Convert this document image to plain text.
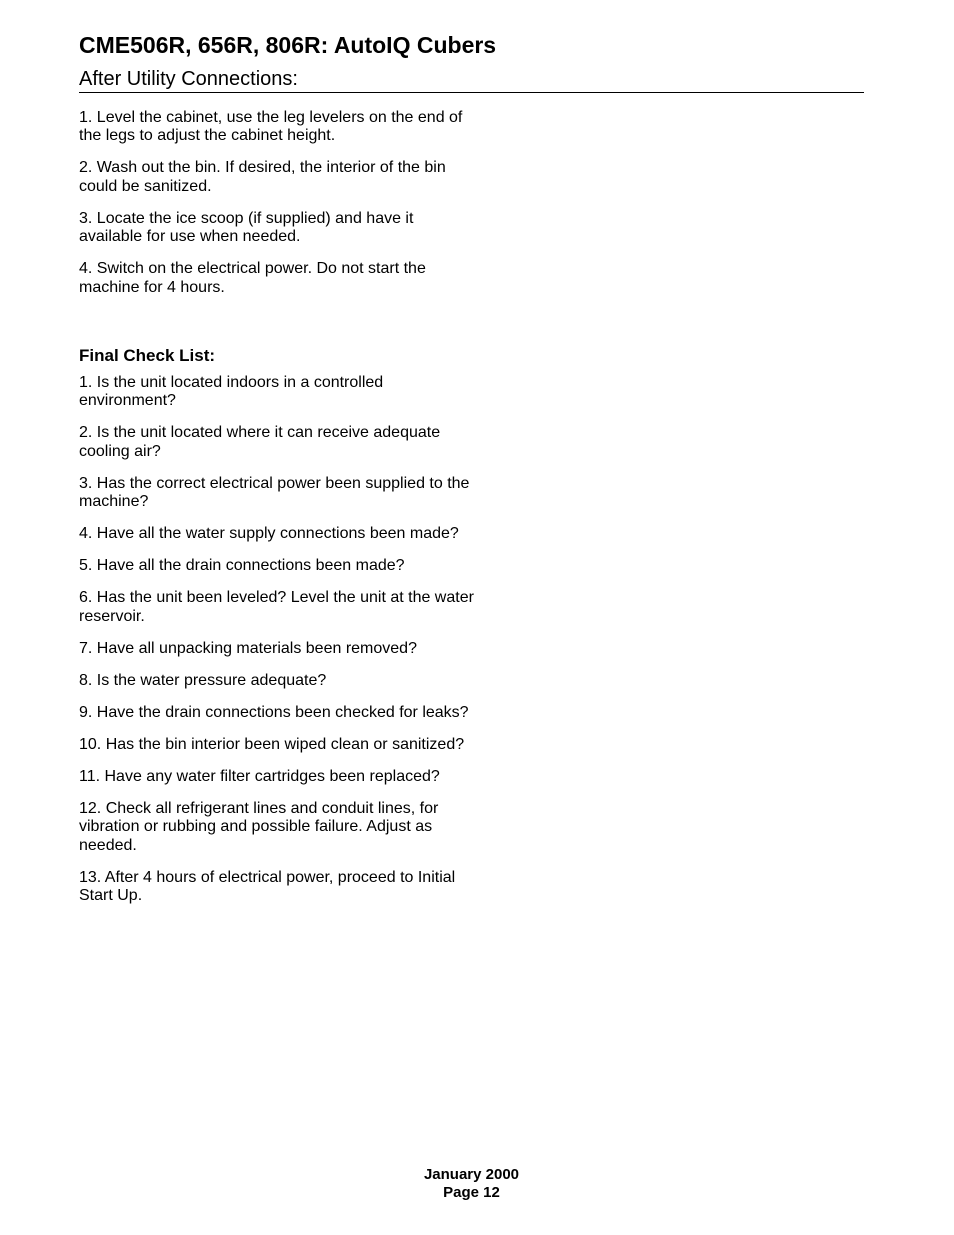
CME506R, 656R, 806R: AutoIQ Cubers
After Utility Connections:
1. Level the cabinet, use the leg levelers on the end of the legs to adjust the cabinet height.
2. Wash out the bin. If desired, the interior of the bin could be sanitized.
3. Locate the ice scoop (if supplied) and have it available for use when needed.
4. Switch on the electrical power. Do not start the machine for 4 hours.
Final Check List:
1. Is the unit located indoors in a controlled environment?
2. Is the unit located where it can receive adequate cooling air?
3. Has the correct electrical power been supplied to the machine?
4. Have all the water supply connections been made?
5. Have all the drain connections been made?
6. Has the unit been leveled? Level the unit at the water reservoir.
7. Have all unpacking materials been removed?
8. Is the water pressure adequate?
9. Have the drain connections been checked for leaks?
10. Has the bin interior been wiped clean or sanitized?
11. Have any water filter cartridges been replaced?
12. Check all refrigerant lines and conduit lines, for vibration or rubbing and possible failure. Adjust as needed.
13. After 4 hours of electrical power, proceed to Initial Start Up.
January 2000
Page 12
